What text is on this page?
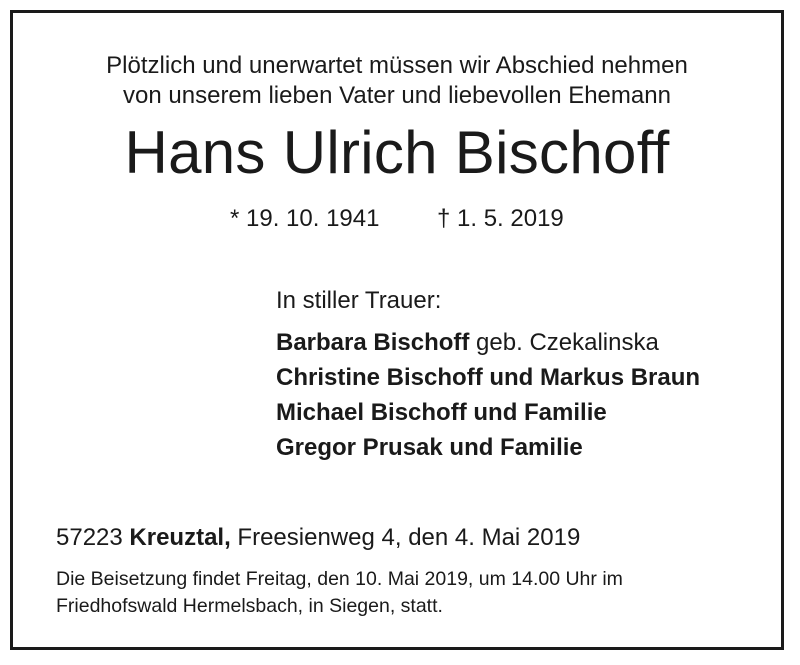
Plötzlich und unerwartet müssen wir Abschied nehmen
von unserem lieben Vater und liebevollen Ehemann
Hans Ulrich Bischoff
* 19. 10. 1941 † 1. 5. 2019
In stiller Trauer:
Barbara Bischoff geb. Czekalinska
Christine Bischoff und Markus Braun
Michael Bischoff und Familie
Gregor Prusak und Familie
57223 Kreuztal, Freesienweg 4, den 4. Mai 2019
Die Beisetzung findet Freitag, den 10. Mai 2019, um 14.00 Uhr im
Friedhofswald Hermelsbach, in Siegen, statt.
